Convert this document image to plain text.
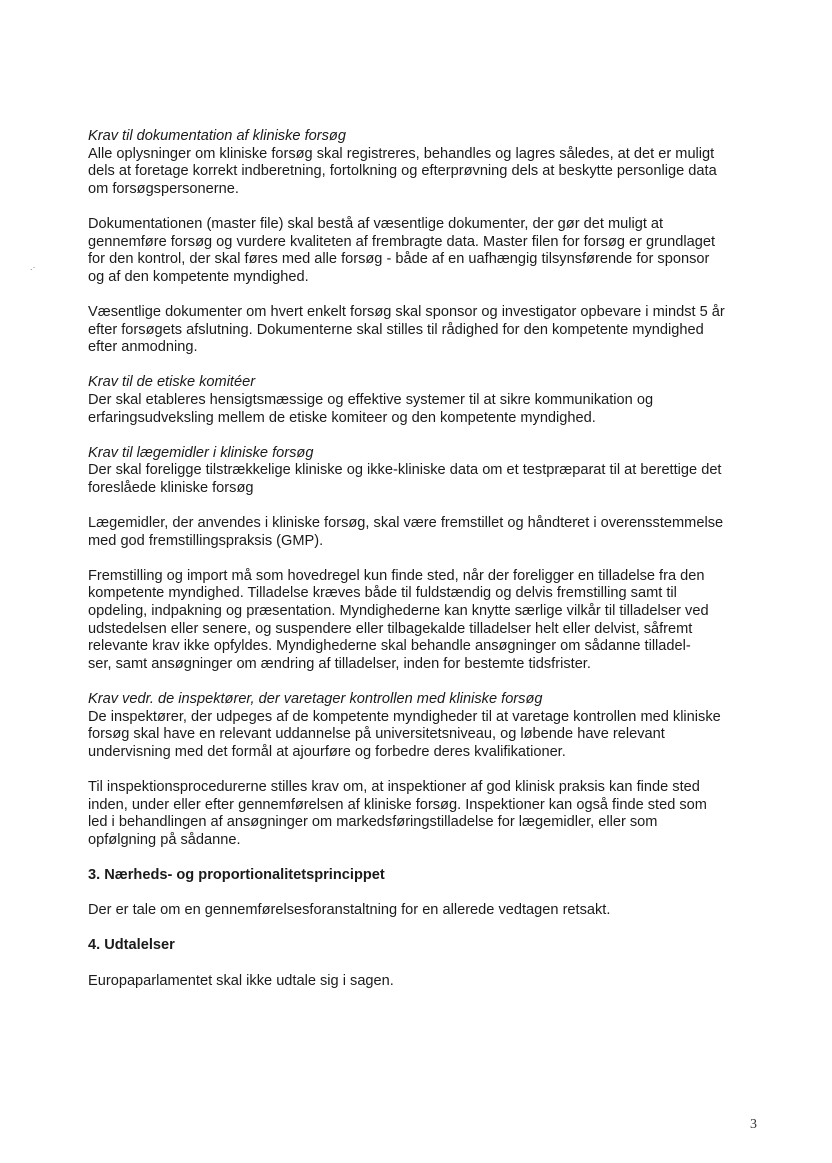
.·

Krav til dokumentation af kliniske forsøg

Alle oplysninger om kliniske forsøg skal registreres, behandles og lagres således, at det er muligt

dels at foretage korrekt indberetning, fortolkning og efterprøvning dels at beskytte personlige data

om forsøgspersonerne.

Dokumentationen (master file) skal bestå af væsentlige dokumenter, der gør det muligt at

gennemføre forsøg og vurdere kvaliteten af frembragte data. Master filen for forsøg er grundlaget

for den kontrol, der skal føres med alle forsøg - både af en uafhængig tilsynsførende for sponsor

og af den kompetente myndighed.

Væsentlige dokumenter om hvert enkelt forsøg skal sponsor og investigator opbevare i mindst 5 år

efter forsøgets afslutning. Dokumenterne skal stilles til rådighed for den kompetente myndighed

efter anmodning.

Krav til de etiske komitéer

Der skal etableres hensigtsmæssige og effektive systemer til at sikre kommunikation og

erfaringsudveksling mellem de etiske komiteer og den kompetente myndighed.

Krav til lægemidler i kliniske forsøg

Der skal foreligge tilstrækkelige kliniske og ikke-kliniske data om et testpræparat til at berettige det

foreslåede kliniske forsøg

Lægemidler, der anvendes i kliniske forsøg, skal være fremstillet og håndteret i overensstemmelse

med god fremstillingspraksis (GMP).

Fremstilling og import må som hovedregel kun finde sted, når der foreligger en tilladelse fra den

kompetente myndighed. Tilladelse kræves både til fuldstændig og delvis fremstilling samt til

opdeling, indpakning og præsentation. Myndighederne kan knytte særlige vilkår til tilladelser ved

udstedelsen eller senere, og suspendere eller tilbagekalde tilladelser helt eller delvist, såfremt

relevante krav ikke opfyldes. Myndighederne skal behandle ansøgninger om sådanne tilladel-

ser, samt ansøgninger om ændring af tilladelser, inden for bestemte tidsfrister.

Krav vedr. de inspektører, der varetager kontrollen med kliniske forsøg

De inspektører, der udpeges af de kompetente myndigheder til at varetage kontrollen med kliniske

forsøg skal have en relevant uddannelse på universitetsniveau, og løbende have relevant

undervisning med det formål at ajourføre og forbedre deres kvalifikationer.

Til inspektionsprocedurerne stilles krav om, at inspektioner af god klinisk praksis kan finde sted

inden, under eller efter gennemførelsen af kliniske forsøg. Inspektioner kan også finde sted som

led i behandlingen af ansøgninger om markedsføringstilladelse for lægemidler, eller som

opfølgning på sådanne.

3. Nærheds- og proportionalitetsprincippet

Der er tale om en gennemførelsesforanstaltning for en allerede vedtagen retsakt.

4. Udtalelser

Europaparlamentet skal ikke udtale sig i sagen.

3
